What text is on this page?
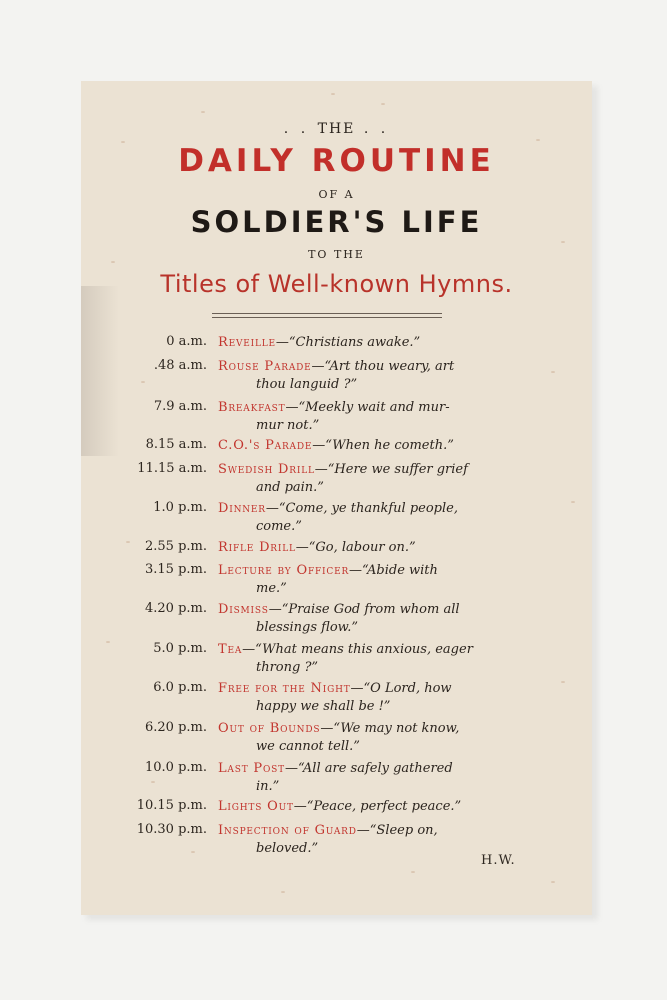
. . THE . .
DAILY ROUTINE
OF A
SOLDIER'S LIFE
TO THE
Titles of Well-known Hymns.
0 a.m. Reveille—“Christians awake.”
.48 a.m. Rouse Parade—“Art thou weary, art
thou languid ?”
7.9 a.m. Breakfast—“Meekly wait and mur-
mur not.”
8.15 a.m. C.O.'s Parade—“When he cometh.”
11.15 a.m. Swedish Drill—“Here we suffer grief
and pain.”
1.0 p.m. Dinner—“Come, ye thankful people,
come.”
2.55 p.m. Rifle Drill—“Go, labour on.”
3.15 p.m. Lecture by Officer—“Abide with
me.”
4.20 p.m. Dismiss—“Praise God from whom all
blessings flow.”
5.0 p.m. Tea—“What means this anxious, eager
throng ?”
6.0 p.m. Free for the Night—“O Lord, how
happy we shall be !”
6.20 p.m. Out of Bounds—“We may not know,
we cannot tell.”
10.0 p.m. Last Post—“All are safely gathered
in.”
10.15 p.m. Lights Out—“Peace, perfect peace.”
10.30 p.m. Inspection of Guard—“Sleep on,
beloved.”
H.W.
